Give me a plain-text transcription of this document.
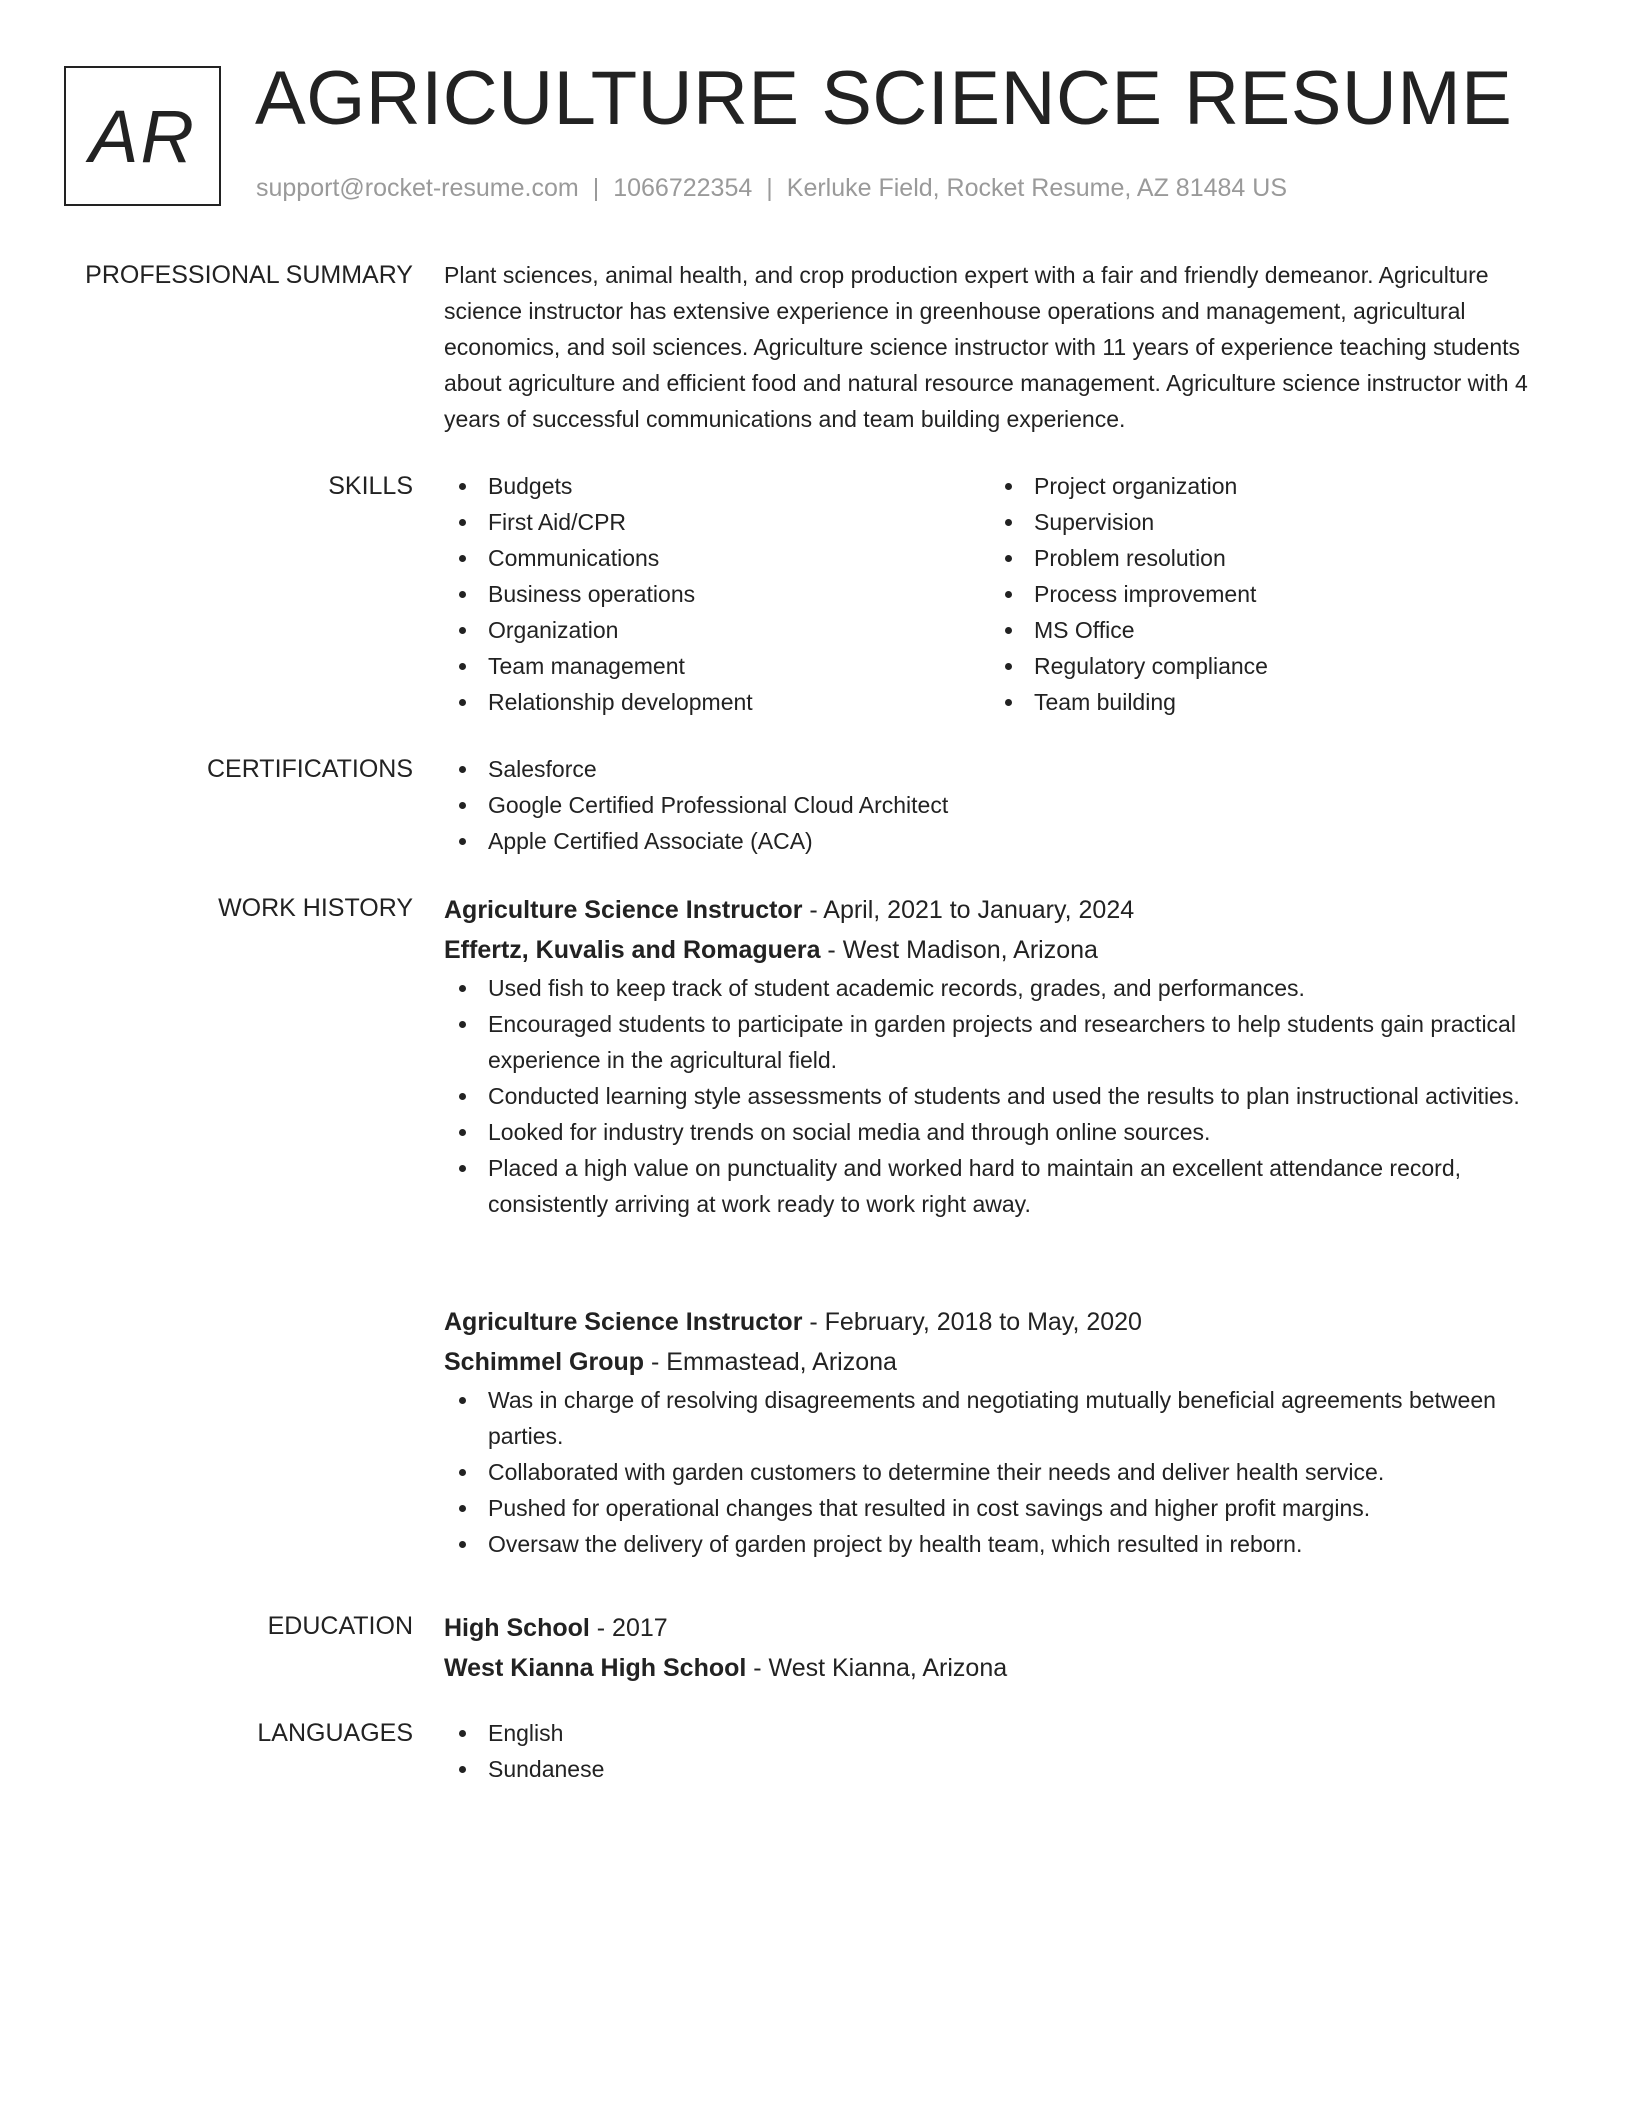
AR AGRICULTURE SCIENCE RESUME
support@rocket-resume.com | 1066722354 | Kerluke Field, Rocket Resume, AZ 81484 US
PROFESSIONAL SUMMARY Plant sciences, animal health, and crop production expert with a fair and friendly demeanor. Agriculture science instructor has extensive experience in greenhouse operations and management, agricultural economics, and soil sciences. Agriculture science instructor with 11 years of experience teaching students about agriculture and efficient food and natural resource management. Agriculture science instructor with 4 years of successful communications and team building experience.

SKILLS	Budgets
First Aid/CPR
Communications
Business operations
Organization
Team management
Relationship development
Project organization
Supervision
Problem resolution
Process improvement
MS Office
Regulatory compliance
Team building
CERTIFICATIONS	Salesforce
Google Certified Professional Cloud Architect
Apple Certified Associate (ACA)
WORK HISTORY Agriculture Science Instructor - April, 2021 to January, 2024
Effertz, Kuvalis and Romaguera - West Madison, Arizona
Used fish to keep track of student academic records, grades, and performances.
Encouraged students to participate in garden projects and researchers to help students gain practical experience in the agricultural field.
Conducted learning style assessments of students and used the results to plan instructional activities.
Looked for industry trends on social media and through online sources.
Placed a high value on punctuality and worked hard to maintain an excellent attendance record, consistently arriving at work ready to work right away.
Agriculture Science Instructor - February, 2018 to May, 2020
Schimmel Group - Emmastead, Arizona
Was in charge of resolving disagreements and negotiating mutually beneficial agreements between parties.
Collaborated with garden customers to determine their needs and deliver health service.
Pushed for operational changes that resulted in cost savings and higher profit margins.
Oversaw the delivery of garden project by health team, which resulted in reborn.
EDUCATION High School - 2017
West Kianna High School - West Kianna, Arizona
LANGUAGES	English
Sundanese
